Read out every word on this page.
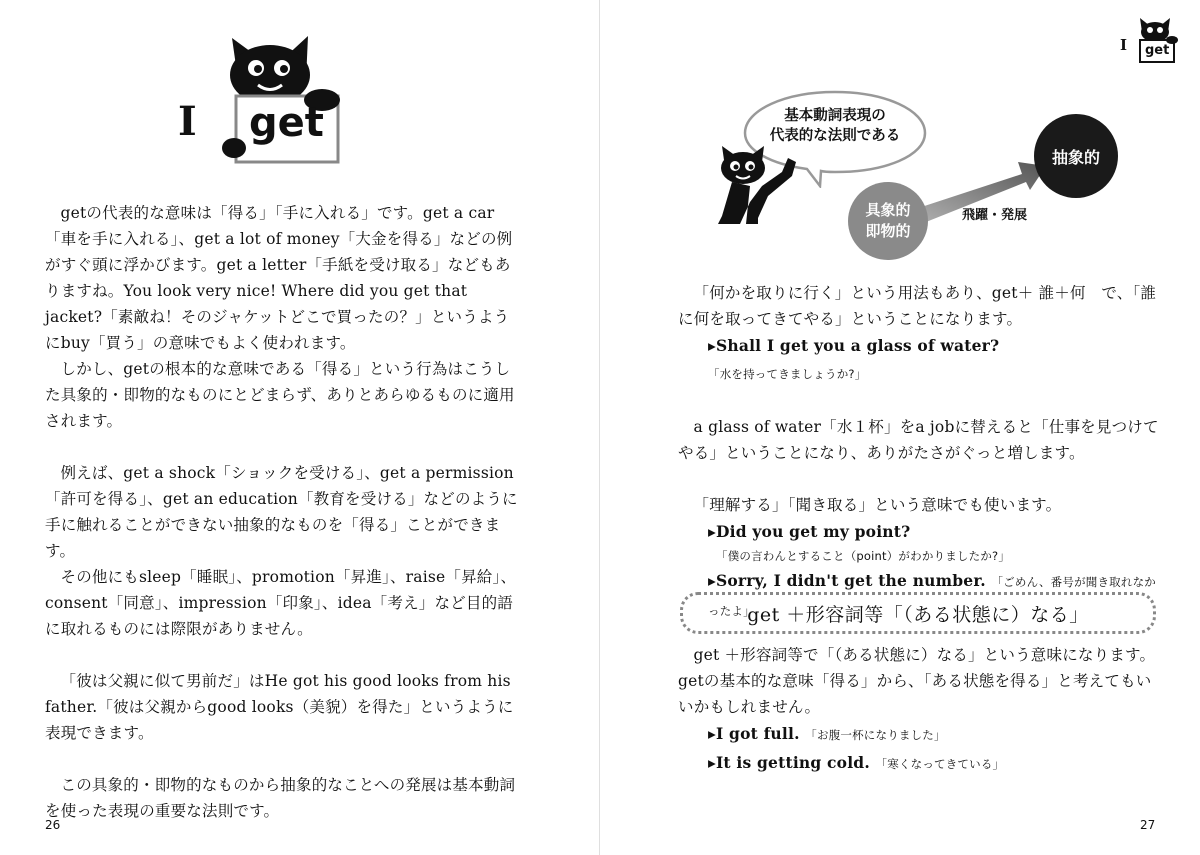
I get

getの代表的な意味は「得る」「手に入れる」です。get a car「車を手に入れる」、get a lot of money「大金を得る」などの例がすぐ頭に浮かびます。get a letter「手紙を受け取る」などもありますね。You look very nice! Where did you get that jacket?「素敵ね！そのジャケットどこで買ったの？」というようにbuy「買う」の意味でもよく使われます。

しかし、getの根本的な意味である「得る」という行為はこうした具象的・即物的なものにとどまらず、ありとあらゆるものに適用されます。

例えば、get a shock「ショックを受ける」、get a permission「許可を得る」、get an education「教育を受ける」などのように手に触れることができない抽象的なものを「得る」ことができます。

その他にもsleep「睡眠」、promotion「昇進」、raise「昇給」、consent「同意」、impression「印象」、idea「考え」など目的語に取れるものには際限がありません。

「彼は父親に似て男前だ」はHe got his good looks from his father.「彼は父親からgood looks（美貌）を得た」というように表現できます。

この具象的・即物的なものから抽象的なことへの発展は基本動詞を使った表現の重要な法則です。

26
I get
基本動詞表現の
代表的な法則である
具象的
即物的
抽象的
飛躍・発展

「何かを取りに行く」という用法もあり、get＋ 誰＋何　で、「誰に何を取ってきてやる」ということになります。

▸Shall I get you a glass of water? 「水を持ってきましょうか?」

a glass of water「水１杯」をa jobに替えると「仕事を見つけてやる」ということになり、ありがたさがぐっと増します。

「理解する」「聞き取る」という意味でも使います。

▸Did you get my point?
「僕の言わんとすること（point）がわかりましたか?」
▸Sorry, I didn't get the number. 「ごめん、番号が聞き取れなかったよ」
get ＋形容詞等「（ある状態に）なる」

get ＋形容詞等で「（ある状態に）なる」という意味になります。getの基本的な意味「得る」から、「ある状態を得る」と考えてもいいかもしれません。

▸I got full. 「お腹一杯になりました」
▸It is getting cold. 「寒くなってきている」
27
